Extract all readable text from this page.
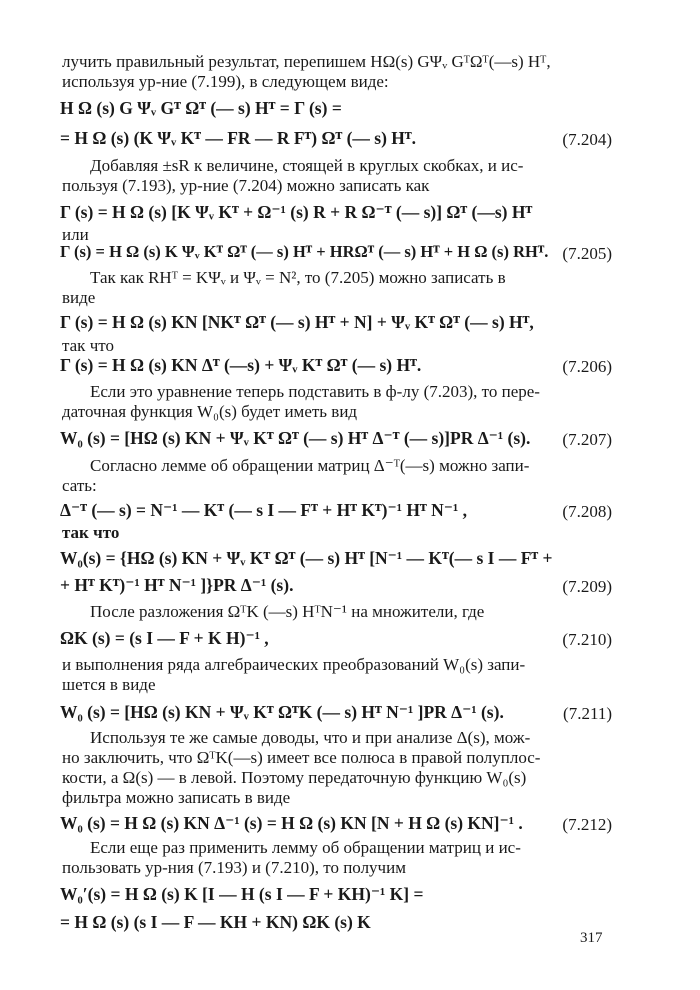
лучить правильный результат, перепишем HΩ(s) GΨᵥ GᵀΩᵀ(—s) Hᵀ,
используя ур-ние (7.199), в следующем виде:
H Ω (s) G Ψᵥ Gᵀ Ωᵀ (— s) Hᵀ = Γ (s) =
= H Ω (s) (K Ψᵥ Kᵀ — FR — R Fᵀ) Ωᵀ (— s) Hᵀ.	(7.204)
Добавляя ±sR к величине, стоящей в круглых скобках, и ис-
пользуя (7.193), ур-ние (7.204) можно записать как
Γ (s) = H Ω (s) [K Ψᵥ Kᵀ + Ω⁻¹ (s) R + R Ω⁻ᵀ (— s)] Ωᵀ (—s) Hᵀ
или
Γ (s) = H Ω (s) K Ψᵥ Kᵀ Ωᵀ (— s) Hᵀ + HRΩᵀ (— s) Hᵀ + H Ω (s) RHᵀ. (7.205)
Так как RHᵀ = KΨᵥ и Ψᵥ = N², то (7.205) можно записать в
виде
Γ (s) = H Ω (s) KN [NKᵀ Ωᵀ (— s) Hᵀ + N] + Ψᵥ Kᵀ Ωᵀ (— s) Hᵀ,
так что
Γ (s) = H Ω (s) KN Δᵀ (—s) + Ψᵥ Kᵀ Ωᵀ (— s) Hᵀ.	(7.206)
Если это уравнение теперь подставить в ф-лу (7.203), то пере-
даточная функция W₀(s) будет иметь вид
W₀ (s) = [HΩ (s) KN + Ψᵥ Kᵀ Ωᵀ (— s) Hᵀ Δ⁻ᵀ (— s)]PR Δ⁻¹ (s). (7.207)
Согласно лемме об обращении матриц Δ⁻ᵀ(—s) можно запи-
сать:
Δ⁻ᵀ (— s) = N⁻¹ — Kᵀ (— s I — Fᵀ + Hᵀ Kᵀ)⁻¹ Hᵀ N⁻¹ ,	(7.208)
так что
W₀(s) = {HΩ (s) KN + Ψᵥ Kᵀ Ωᵀ (— s) Hᵀ [N⁻¹ — Kᵀ(— s I — Fᵀ +
+ Hᵀ Kᵀ)⁻¹ Hᵀ N⁻¹ ]}PR Δ⁻¹ (s).	(7.209)
После разложения ΩᵀK (—s) HᵀN⁻¹ на множители, где
ΩK (s) = (s I — F + K H)⁻¹ ,	(7.210)
и выполнения ряда алгебраических преобразований W₀(s) запи-
шется в виде
W₀ (s) = [HΩ (s) KN + Ψᵥ Kᵀ ΩᵀK (— s) Hᵀ N⁻¹ ]PR Δ⁻¹ (s).	(7.211)
Используя те же самые доводы, что и при анализе Δ(s), мож-
но заключить, что ΩᵀK(—s) имеет все полюса в правой полуплос-
кости, а Ω(s) — в левой. Поэтому передаточную функцию W₀(s)
фильтра можно записать в виде
W₀ (s) = H Ω (s) KN Δ⁻¹ (s) = H Ω (s) KN [N + H Ω (s) KN]⁻¹ . (7.212)
Если еще раз применить лемму об обращении матриц и ис-
пользовать ур-ния (7.193) и (7.210), то получим
W₀′(s) = H Ω (s) K [I — H (s I — F + KH)⁻¹ K] =
= H Ω (s) (s I — F — KH + KN) ΩK (s) K
317
